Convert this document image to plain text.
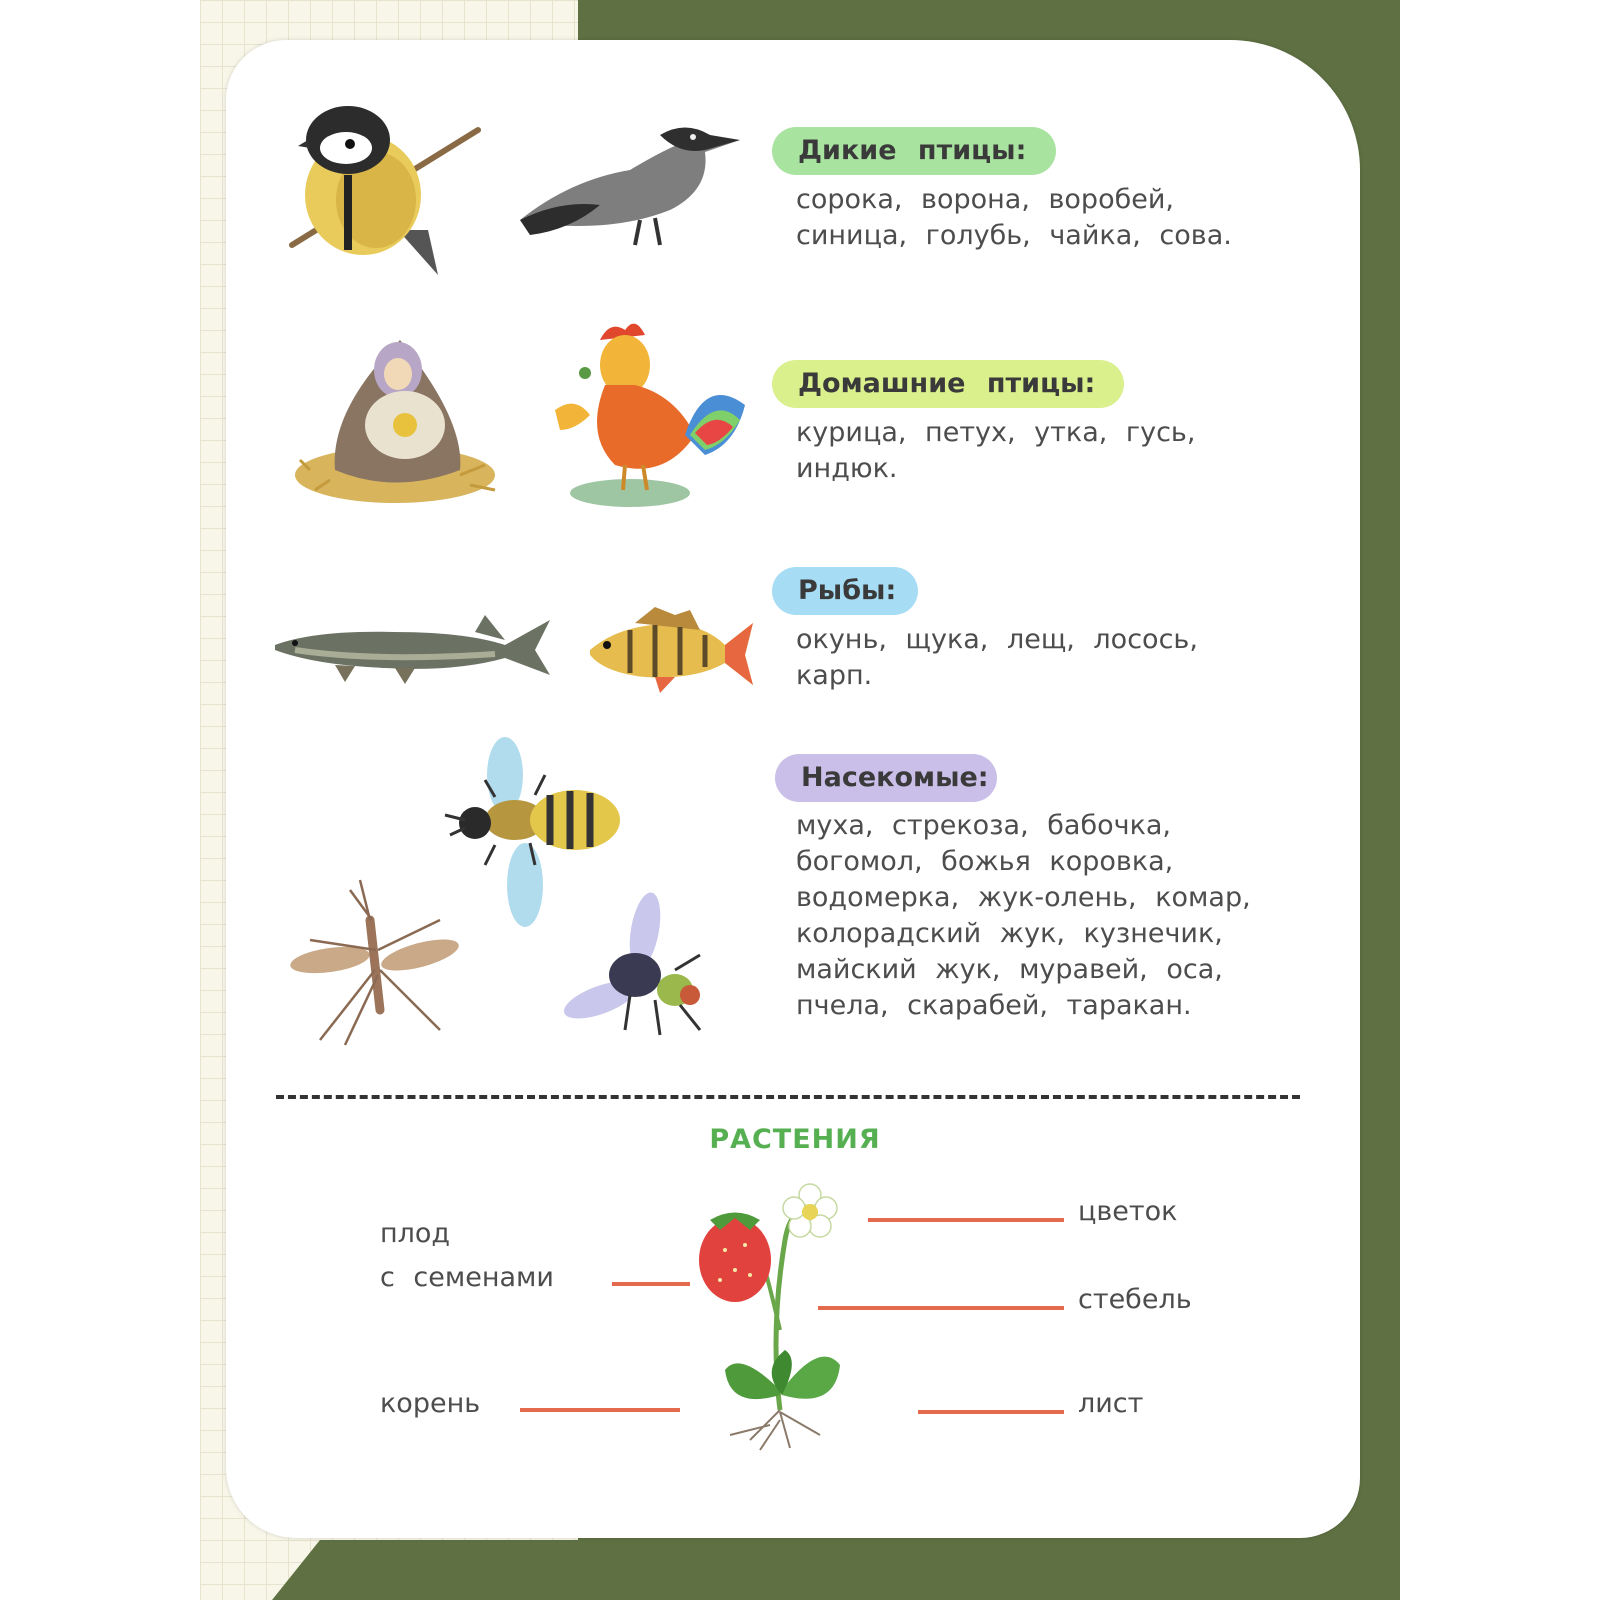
Дикие птицы:
сорока, ворона, воробей,
синица, голубь, чайка, сова.
Домашние птицы:
курица, петух, утка, гусь,
индюк.
Рыбы:
окунь, щука, лещ, лосось,
карп.
Насекомые:
муха, стрекоза, бабочка,
богомол, божья коровка,
водомерка, жук-олень, комар,
колорадский жук, кузнечик,
майский жук, муравей, оса,
пчела, скарабей, таракан.
РАСТЕНИЯ
плод
с семенами
корень
цветок
стебель
лист
